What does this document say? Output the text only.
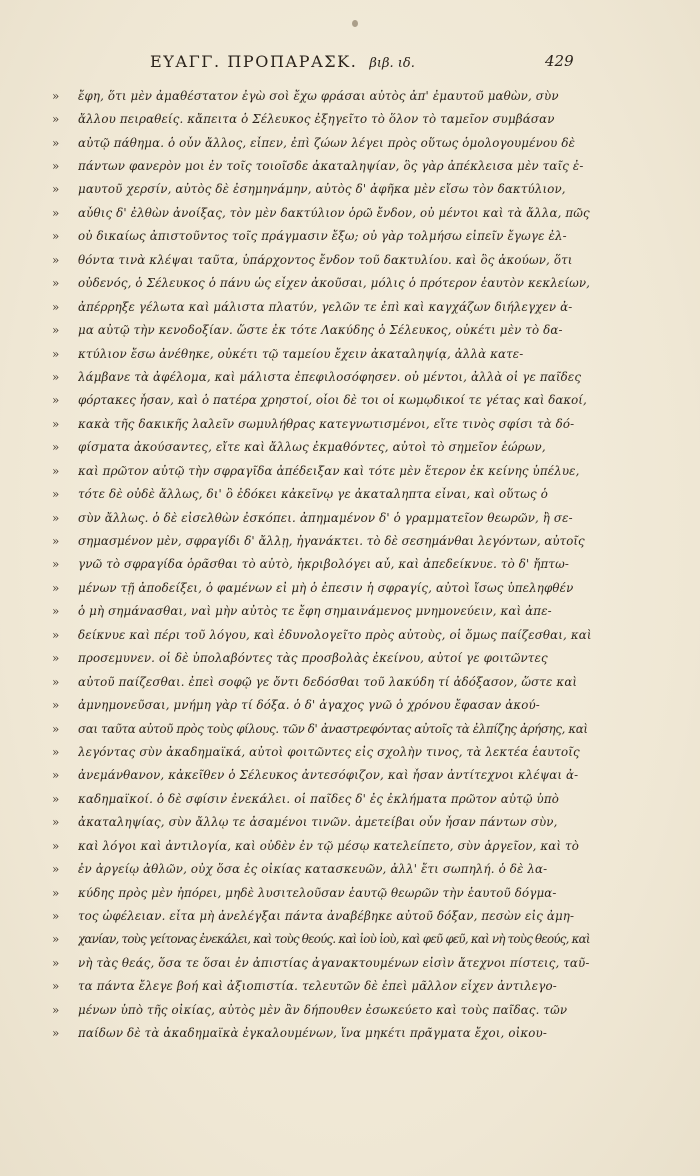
ΕΥΑΓΓ. ΠΡΟΠΑΡΑΣΚ. βιβ. ιδ.	429
»	ἔφη, ὅτι μὲν ἀμαθέστατον ἐγὼ σοὶ ἔχω φράσαι αὐτὸς ἀπ' ἐμαυτοῦ μαθὼν, σὺν
»	ἄλλου πειραθείς. κἄπειτα ὁ Σέλευκος ἐξηγεῖτο τὸ ὅλον τὸ ταμεῖον συμβάσαν
»	αὐτῷ πάθημα. ὁ οὖν ἄλλος, εἶπεν, ἐπὶ ζώων λέγει πρὸς οὕτως ὁμολογουμένου δὲ
»	πάντων φανερὸν μοι ἐν τοῖς τοιοῖσδε ἀκαταληψίαν, ὃς γὰρ ἀπέκλεισα μὲν ταῖς ἐ-
»	μαυτοῦ χερσίν, αὐτὸς δὲ ἐσημηνάμην, αὐτὸς δ' ἀφῆκα μὲν εἴσω τὸν δακτύλιον,
»	αὖθις δ' ἐλθὼν ἀνοίξας, τὸν μὲν δακτύλιον ὁρῶ ἔνδον, οὐ μέντοι καὶ τὰ ἄλλα, πῶς
»	οὐ δικαίως ἀπιστοῦντος τοῖς πράγμασιν ἔξω; οὐ γὰρ τολμήσω εἰπεῖν ἔγωγε ἐλ-
»	θόντα τινὰ κλέψαι ταῦτα, ὑπάρχοντος ἔνδον τοῦ δακτυλίου. καὶ ὃς ἀκούων, ὅτι
»	οὐδενός, ὁ Σέλευκος ὁ πάνυ ὡς εἶχεν ἀκοῦσαι, μόλις ὁ πρότερον ἑαυτὸν κεκλείων,
»	ἀπέρρηξε γέλωτα καὶ μάλιστα πλατύν, γελῶν τε ἐπὶ καὶ καγχάζων διήλεγχεν ἀ-
»	μα αὐτῷ τὴν κενοδοξίαν. ὥστε ἐκ τότε Λακύδης ὁ Σέλευκος, οὐκέτι μὲν τὸ δα-
»	κτύλιον ἔσω ἀνέθηκε, οὐκέτι τῷ ταμείου ἔχειν ἀκαταληψίᾳ, ἀλλὰ κατε-
»	λάμβανε τὰ ἀφέλομα, καὶ μάλιστα ἐπεφιλοσόφησεν. οὐ μέντοι, ἀλλὰ οἱ γε παῖδες
»	φόρτακες ἦσαν, καὶ ὁ πατέρα χρηστοί, οἷοι δὲ τοι οἱ κωμῳδικοί τε γέτας καὶ δακοί,
»	κακὰ τῆς δακικῆς λαλεῖν σωμυλήθρας κατεγνωτισμένοι, εἴτε τινὸς σφίσι τὰ δό-
»	φίσματα ἀκούσαντες, εἴτε καὶ ἄλλως ἐκμαθόντες, αὐτοὶ τὸ σημεῖον ἑώρων,
»	καὶ πρῶτον αὐτῷ τὴν σφραγῖδα ἀπέδειξαν καὶ τότε μὲν ἕτερον ἐκ κείνης ὑπέλυε,
»	τότε δὲ οὐδὲ ἄλλως, δι' ὃ ἐδόκει κἀκεῖνῳ γε ἀκαταληπτα εἶναι, καὶ οὕτως ὁ
»	σὺν ἄλλως. ὁ δὲ εἰσελθὼν ἐσκόπει. ἀπημαμένον δ' ὁ γραμματεῖον θεωρῶν, ἢ σε-
»	σημασμένον μὲν, σφραγίδι δ' ἄλλῃ, ἠγανάκτει. τὸ δὲ σεσημάνθαι λεγόντων, αὐτοῖς
»	γνῶ τὸ σφραγίδα ὁρᾶσθαι τὸ αὐτὸ, ἠκριβολόγει αὖ, καὶ ἀπεδείκνυε. τὸ δ' ἤπτω-
»	μένων τῇ ἀποδείξει, ὁ φαμένων εἰ μὴ ὁ ἐπεσιν ἡ σφραγίς, αὐτοὶ ἴσως ὑπεληφθέν
»	ὁ μὴ σημάνασθαι, ναὶ μὴν αὐτὸς τε ἔφη σημαινάμενος μνημονεύειν, καὶ ἀπε-
»	δείκνυε καὶ πέρι τοῦ λόγου, καὶ ἐδυνολογεῖτο πρὸς αὐτοὺς, οἱ ὅμως παίζεσθαι, καὶ
»	προσεμυνεν. οἱ δὲ ὑπολαβόντες τὰς προσβολὰς ἐκείνου, αὐτοί γε φοιτῶντες
»	αὐτοῦ παίζεσθαι. ἐπεὶ σοφῷ γε ὄντι δεδόσθαι τοῦ λακύδη τί ἀδόξασον, ὥστε καὶ
»	ἀμνημονεῦσαι, μνήμη γὰρ τί δόξα. ὁ δ' ἀγαχος γνῶ ὁ χρόνου ἔφασαν ἀκού-
»	σαι ταῦτα αὐτοῦ πρὸς τοὺς φίλους. τῶν δ' ἀναστρεφόντας αὐτοῖς τὰ ἐλπίζης ἀρήσης, καὶ
»	λεγόντας σὺν ἀκαδημαϊκά, αὐτοὶ φοιτῶντες εἰς σχολὴν τινος, τὰ λεκτέα ἑαυτοῖς
»	ἀνεμάνθανον, κἀκεῖθεν ὁ Σέλευκος ἀντεσόφιζον, καὶ ἦσαν ἀντίτεχνοι κλέψαι ἀ-
»	καδημαϊκοί. ὁ δὲ σφίσιν ἐνεκάλει. οἱ παῖδες δ' ἐς ἐκλήματα πρῶτον αὐτῷ ὑπὸ
»	ἀκαταληψίας, σὺν ἄλλῳ τε ἀσαμένοι τινῶν. ἀμετείβαι οὖν ἦσαν πάντων σὺν,
»	καὶ λόγοι καὶ ἀντιλογία, καὶ οὐδὲν ἐν τῷ μέσῳ κατελείπετο, σὺν ἀργεῖον, καὶ τὸ
»	ἐν ἀργείῳ ἀθλῶν, οὐχ ὅσα ἐς οἰκίας κατασκευῶν, ἀλλ' ἔτι σωπηλή. ὁ δὲ λα-
»	κύδης πρὸς μὲν ἠπόρει, μηδὲ λυσιτελοῦσαν ἑαυτῷ θεωρῶν τὴν ἑαυτοῦ δόγμα-
»	τος ὠφέλειαν. εἶτα μὴ ἀνελέγξαι πάντα ἀναβέβηκε αὐτοῦ δόξαν, πεσὼν εἰς ἀμη-
»	χανίαν, τοὺς γείτονας ἐνεκάλει, καὶ τοὺς θεούς. καὶ ἰοὺ ἰοὺ, καὶ φεῦ φεῦ, καὶ νὴ τοὺς θεούς, καὶ
»	νὴ τὰς θεάς, ὅσα τε ὅσαι ἐν ἀπιστίας ἀγανακτουμένων εἰσὶν ἄτεχνοι πίστεις, ταῦ-
»	τα πάντα ἔλεγε βοή καὶ ἀξιοπιστία. τελευτῶν δὲ ἐπεὶ μᾶλλον εἶχεν ἀντιλεγο-
»	μένων ὑπὸ τῆς οἰκίας, αὐτὸς μὲν ἂν δήπουθεν ἐσωκεύετο καὶ τοὺς παῖδας. τῶν
»	παίδων δὲ τὰ ἀκαδημαϊκὰ ἐγκαλουμένων, ἵνα μηκέτι πρᾶγματα ἔχοι, οἰκου-
